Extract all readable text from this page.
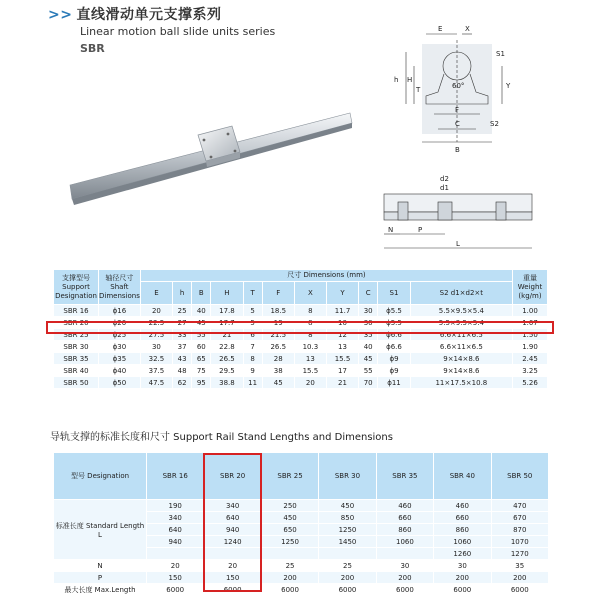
>> 直线滑动单元支撑系列
Linear motion ball slide units series
SBR
E	X
h
T
H
S1
Y
F
60°
C	S2
B
d2
d1
N	P
L
支撑型号 Support Designation	轴径尺寸 Shaft Dimensions	尺寸 Dimensions (mm)											重量 Weight (kg/m)
		E	h	B	H	T	F	X	Y	C	S1	S2 d1×d2×t	
SBR 16	ϕ16	20	25	40	17.8	5	18.5	8	11.7	30	ϕ5.5	5.5×9.5×5.4	1.00
SBR 20	ϕ20	22.5	27	45	17.7	5	19	8	10	30	ϕ5.5	5.5×9.5×5.4	1.07
SBR 25	ϕ25	27.5	33	55	21	6	21.5	8	12	35	ϕ6.6	6.6×11×6.5	1.50
SBR 30	ϕ30	30	37	60	22.8	7	26.5	10.3	13	40	ϕ6.6	6.6×11×6.5	1.90
SBR 35	ϕ35	32.5	43	65	26.5	8	28	13	15.5	45	ϕ9	9×14×8.6	2.45
SBR 40	ϕ40	37.5	48	75	29.5	9	38	15.5	17	55	ϕ9	9×14×8.6	3.25
SBR 50	ϕ50	47.5	62	95	38.8	11	45	20	21	70	ϕ11	11×17.5×10.8	5.26
导轨支撑的标准长度和尺寸 Support Rail Stand Lengths and Dimensions
型号 Designation	SBR 16	SBR 20	SBR 25	SBR 30	SBR 35	SBR 40	SBR 50
标准长度 Standard Length L	190	340	250	450	460	460	470
	340	640	450	850	660	660	670
	640	940	650	1250	860	860	870
	940	1240	1250	1450	1060	1060	1070
						1260	1270
N	20	20	25	25	30	30	35
P	150	150	200	200	200	200	200
最大长度 Max.Length	6000	6000	6000	6000	6000	6000	6000
